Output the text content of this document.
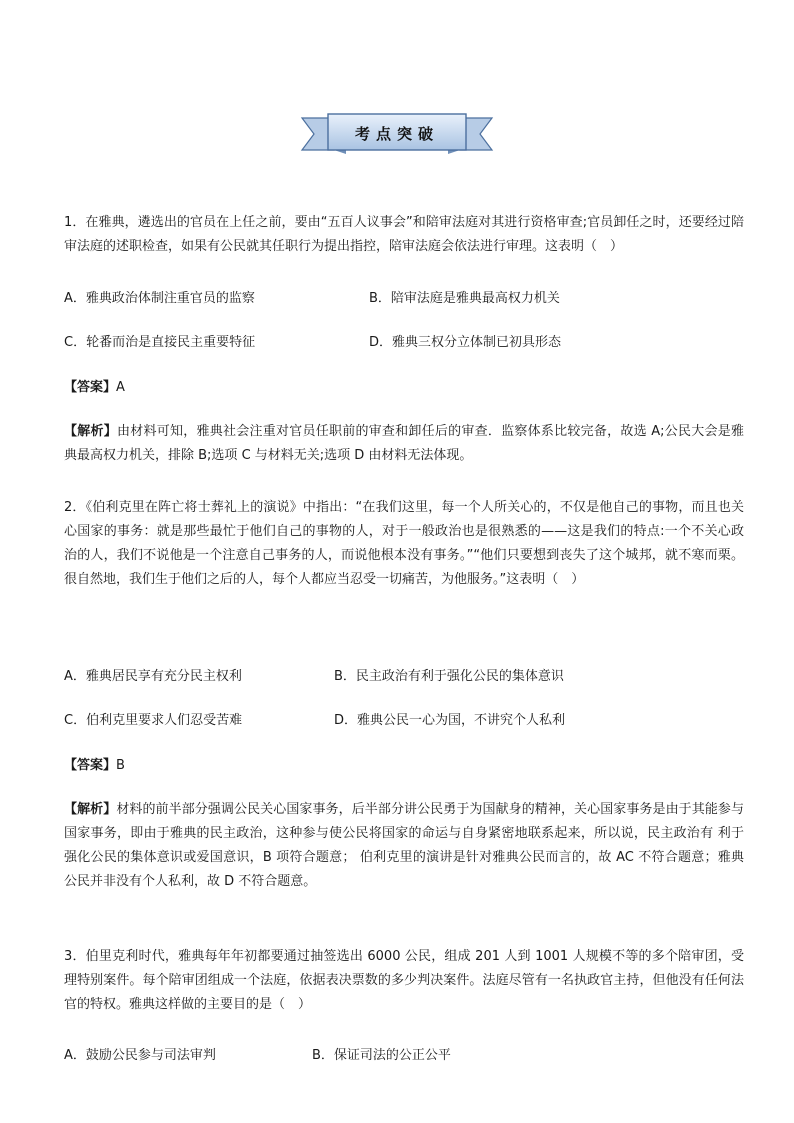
考点突破

1．在雅典，遴选出的官员在上任之前，要由“五百人议事会”和陪审法庭对其进行资格审查;官员卸任之时，还要经过陪审法庭的述职检查，如果有公民就其任职行为提出指控，陪审法庭会依法进行审理。这表明（　）

A．雅典政治体制注重官员的监察	B．陪审法庭是雅典最高权力机关
C．轮番而治是直接民主重要特征	D．雅典三权分立体制已初具形态
【答案】A

【解析】由材料可知，雅典社会注重对官员任职前的审查和卸任后的审查．监察体系比较完备，故选 A;公民大会是雅典最高权力机关，排除 B;选项 C 与材料无关;选项 D 由材料无法体现。

2．《伯利克里在阵亡将士葬礼上的演说》中指出：“在我们这里，每一个人所关心的，不仅是他自己的事物，而且也关心国家的事务：就是那些最忙于他们自己的事物的人，对于一般政治也是很熟悉的——这是我们的特点:一个不关心政治的人，我们不说他是一个注意自己事务的人，而说他根本没有事务。”“他们只要想到丧失了这个城邦，就不寒而栗。很自然地，我们生于他们之后的人，每个人都应当忍受一切痛苦，为他服务。”这表明（　）

A．雅典居民享有充分民主权利	B．民主政治有利于强化公民的集体意识
C．伯利克里要求人们忍受苦难	D．雅典公民一心为国，不讲究个人私利
【答案】B

【解析】材料的前半部分强调公民关心国家事务，后半部分讲公民勇于为国献身的精神，关心国家事务是由于其能参与国家事务，即由于雅典的民主政治，这种参与使公民将国家的命运与自身紧密地联系起来，所以说，民主政治有 利于强化公民的集体意识或爱国意识，B 项符合题意； 伯利克里的演讲是针对雅典公民而言的，故 AC 不符合题意；雅典公民并非没有个人私利，故 D 不符合题意。

3．伯里克利时代，雅典每年年初都要通过抽签选出 6000 公民，组成 201 人到 1001 人规模不等的多个陪审团，受理特别案件。每个陪审团组成一个法庭，依据表决票数的多少判决案件。法庭尽管有一名执政官主持，但他没有任何法官的特权。雅典这样做的主要目的是（　）

A．鼓励公民参与司法审判	B．保证司法的公正公平
